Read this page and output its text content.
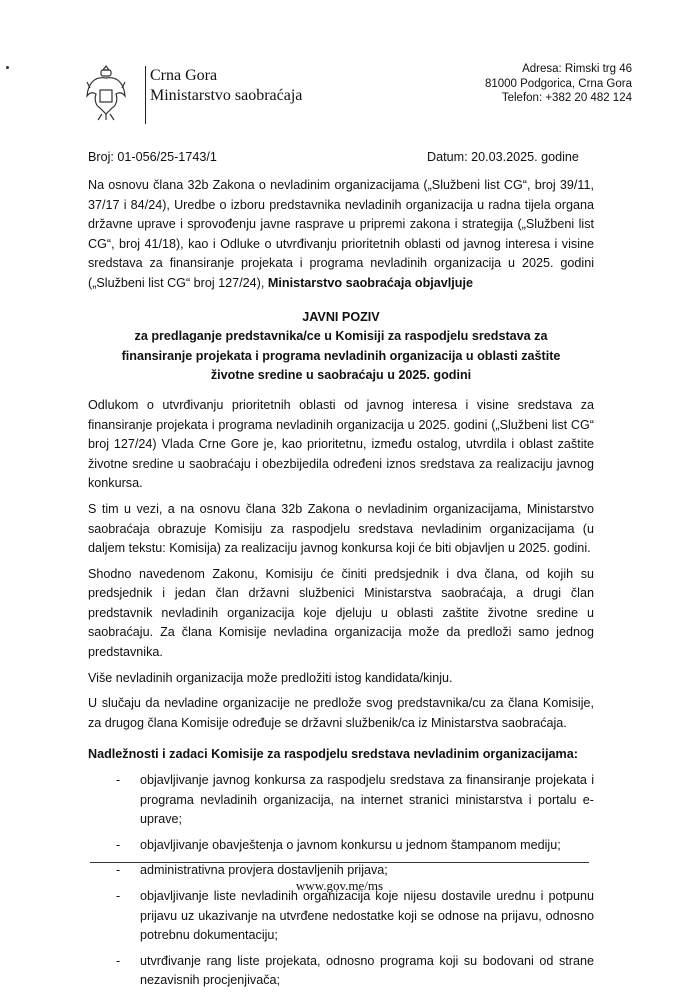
Crna Gora
Ministarstvo saobraćaja
Adresa: Rimski trg 46
81000 Podgorica, Crna Gora
Telefon: +382 20 482 124
Broj: 01-056/25-1743/1	Datum: 20.03.2025. godine

Na osnovu člana 32b Zakona o nevladinim organizacijama („Službeni list CG“, broj 39/11, 37/17 i 84/24), Uredbe o izboru predstavnika nevladinih organizacija u radna tijela organa državne uprave i sprovođenju javne rasprave u pripremi zakona i strategija („Službeni list CG“, broj 41/18), kao i Odluke o utvrđivanju prioritetnih oblasti od javnog interesa i visine sredstava za finansiranje projekata i programa nevladinih organizacija u 2025. godini („Službeni list CG“ broj 127/24), Ministarstvo saobraćaja objavljuje

JAVNI POZIV

za predlaganje predstavnika/ce u Komisiji za raspodjelu sredstava za finansiranje projekata i programa nevladinih organizacija u oblasti zaštite životne sredine u saobraćaju u 2025. godini

Odlukom o utvrđivanju prioritetnih oblasti od javnog interesa i visine sredstava za finansiranje projekata i programa nevladinih organizacija u 2025. godini („Službeni list CG“ broj 127/24) Vlada Crne Gore je, kao prioritetnu, između ostalog, utvrdila i oblast zaštite životne sredine u saobraćaju i obezbijedila određeni iznos sredstava za realizaciju javnog konkursa.

S tim u vezi, a na osnovu člana 32b Zakona o nevladinim organizacijama, Ministarstvo saobraćaja obrazuje Komisiju za raspodjelu sredstava nevladinim organizacijama (u daljem tekstu: Komisija) za realizaciju javnog konkursa koji će biti objavljen u 2025. godini.

Shodno navedenom Zakonu, Komisiju će činiti predsjednik i dva člana, od kojih su predsjednik i jedan član državni službenici Ministarstva saobraćaja, a drugi član predstavnik nevladinih organizacija koje djeluju u oblasti zaštite životne sredine u saobraćaju. Za člana Komisije nevladina organizacija može da predloži samo jednog predstavnika.

Više nevladinih organizacija može predložiti istog kandidata/kinju.

U slučaju da nevladine organizacije ne predlože svog predstavnika/cu za člana Komisije, za drugog člana Komisije određuje se državni službenik/ca iz Ministarstva saobraćaja.

Nadležnosti i zadaci Komisije za raspodjelu sredstava nevladinim organizacijama:

- objavljivanje javnog konkursa za raspodjelu sredstava za finansiranje projekata i programa nevladinih organizacija, na internet stranici ministarstva i portalu e-uprave;
- objavljivanje obavještenja o javnom konkursu u jednom štampanom mediju;
- administrativna provjera dostavljenih prijava;
- objavljivanje liste nevladinih organizacija koje nijesu dostavile urednu i potpunu prijavu uz ukazivanje na utvrđene nedostatke koji se odnose na prijavu, odnosno potrebnu dokumentaciju;
- utvrđivanje rang liste projekata, odnosno programa koji su bodovani od strane nezavisnih procjenjivača;
www.gov.me/ms
